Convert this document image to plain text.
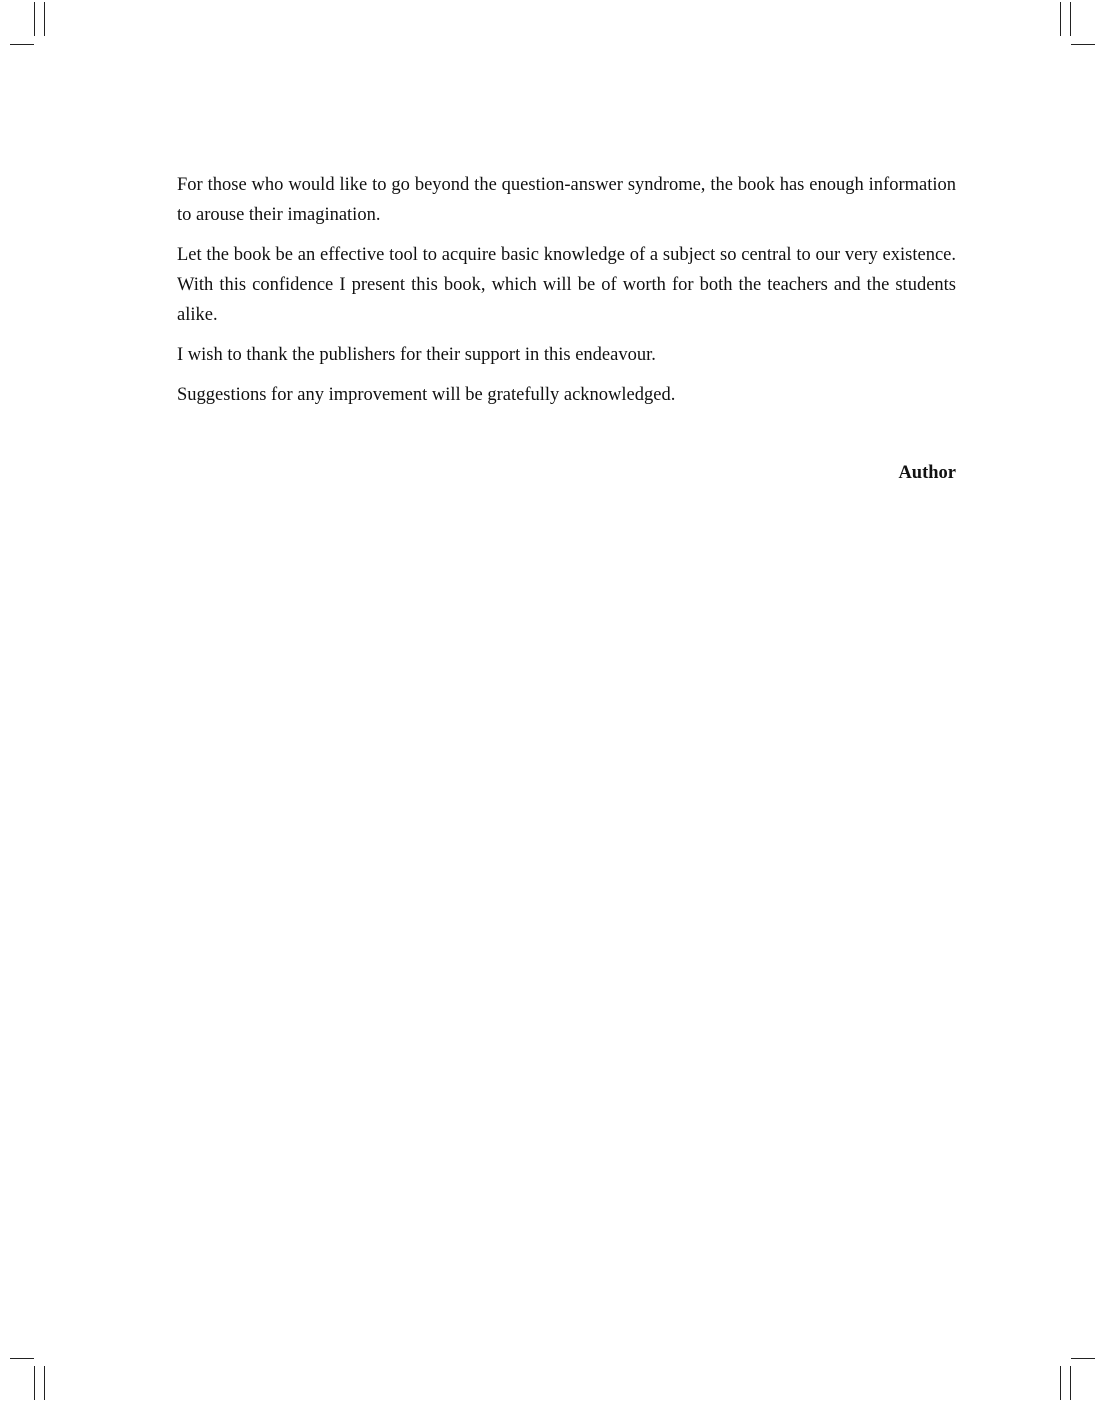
For those who would like to go beyond the question-answer syndrome, the book has enough information to arouse their imagination.

Let the book be an effective tool to acquire basic knowledge of a subject so central to our very existence. With this confidence I present this book, which will be of worth for both the teachers and the students alike.

I wish to thank the publishers for their support in this endeavour.

Suggestions for any improvement will be gratefully acknowledged.

Author
